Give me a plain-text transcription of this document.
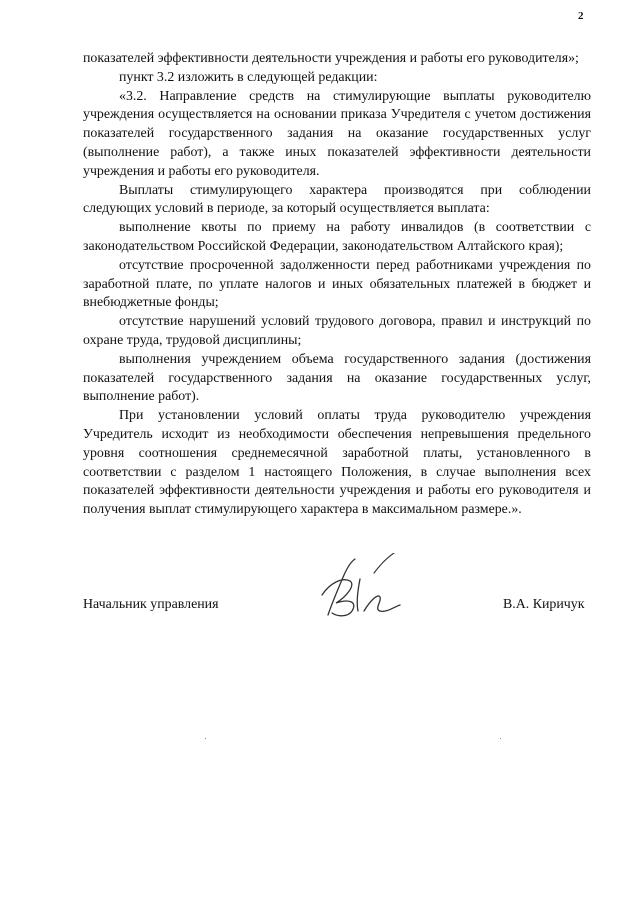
2

показателей эффективности деятельности учреждения и работы его руководителя»;

пункт 3.2 изложить в следующей редакции:

«3.2. Направление средств на стимулирующие выплаты руководителю учреждения осуществляется на основании приказа Учредителя с учетом достижения показателей государственного задания на оказание государственных услуг (выполнение работ), а также иных показателей эффективности деятельности учреждения и работы его руководителя.

Выплаты стимулирующего характера производятся при соблюдении следующих условий в периоде, за который осуществляется выплата:

выполнение квоты по приему на работу инвалидов (в соответствии с законодательством Российской Федерации, законодательством Алтайского края);

отсутствие просроченной задолженности перед работниками учреждения по заработной плате, по уплате налогов и иных обязательных платежей в бюджет и внебюджетные фонды;

отсутствие нарушений условий трудового договора, правил и инструкций по охране труда, трудовой дисциплины;

выполнения учреждением объема государственного задания (достижения показателей государственного задания на оказание государственных услуг, выполнение работ).

При установлении условий оплаты труда руководителю учреждения Учредитель исходит из необходимости обеспечения непревышения предельного уровня соотношения среднемесячной заработной платы, установленного в соответствии с разделом 1 настоящего Положения, в случае выполнения всех показателей эффективности деятельности учреждения и работы его руководителя и получения выплат стимулирующего характера в максимальном размере.».

Начальник управления	В.А. Киричук
